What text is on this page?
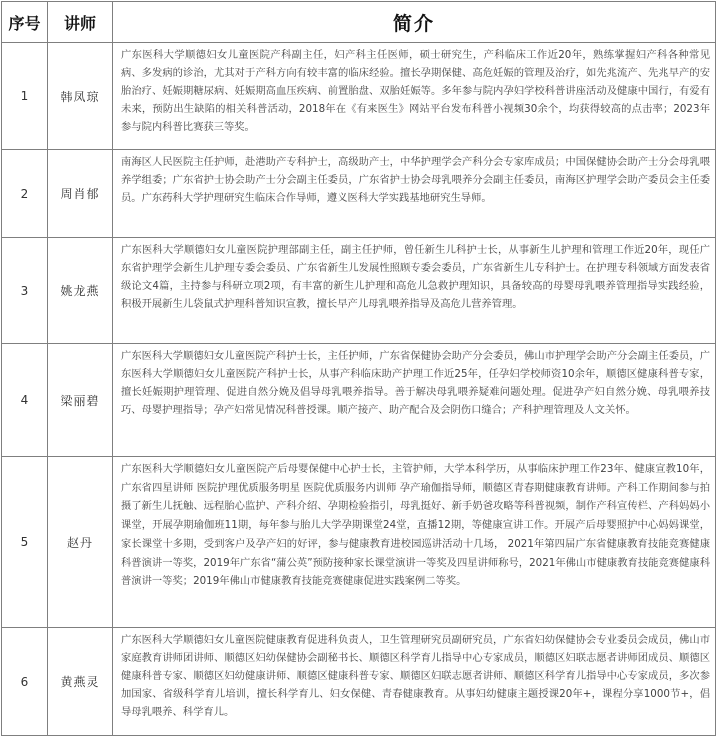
序号	讲师	简介
1	韩凤琼	广东医科大学顺德妇女儿童医院产科副主任，妇产科主任医师，硕士研究生，产科临床工作近20年，熟练掌握妇产科各种常见病、多发病的诊治，尤其对于产科方向有较丰富的临床经验。擅长孕期保健、高危妊娠的管理及治疗，如先兆流产、先兆早产的安胎治疗、妊娠期糖尿病、妊娠期高血压疾病、前置胎盘、双胎妊娠等。多年参与院内孕妇学校科普讲座活动及健康中国行，有爱有未来，预防出生缺陷的相关科普活动，2018年在《有来医生》网站平台发布科普小视频30余个，均获得较高的点击率；2023年参与院内科普比赛获三等奖。

2	周肖郁	南海区人民医院主任护师，赴港助产专科护士，高级助产士，中华护理学会产科分会专家库成员；中国保健协会助产士分会母乳喂养学组委；广东省护士协会助产士分会副主任委员，广东省护士协会母乳喂养分会副主任委员，南海区护理学会助产委员会主任委员。广东药科大学护理研究生临床合作导师，遵义医科大学实践基地研究生导师。

3	姚龙燕	广东医科大学顺德妇女儿童医院护理部副主任，副主任护师，曾任新生儿科护士长，从事新生儿护理和管理工作近20年，现任广东省护理学会新生儿护理专委会委员、广东省新生儿发展性照顾专委会委员，广东省新生儿专科护士。在护理专科领域方面发表省级论文4篇，主持参与科研立项2项，有丰富的新生儿护理和高危儿急救护理知识，具备较高的母婴母乳喂养管理指导实践经验，积极开展新生儿袋鼠式护理科普知识宣教，擅长早产儿母乳喂养指导及高危儿营养管理。

4	梁丽碧	广东医科大学顺德妇女儿童医院产科护士长，主任护师，广东省保健协会助产分会委员，佛山市护理学会助产分会副主任委员，广东医科大学顺德妇女儿童医院产科护士长，从事产科临床助产护理工作近25年，任孕妇学校师资10余年，顺德区健康科普专家，擅长妊娠期护理管理、促进自然分娩及倡导母乳喂养指导。善于解决母乳喂养疑难问题处理。促进孕产妇自然分娩、母乳喂养技巧、母婴护理指导；孕产妇常见情况科普授课。顺产接产、助产配合及会阴伤口缝合；产科护理管理及人文关怀。

5	赵丹	广东医科大学顺德妇女儿童医院产后母婴保健中心护士长，主管护师，大学本科学历，从事临床护理工作23年、健康宣教10年，广东省四星讲师 医院护理优质服务明星 医院优质服务内训师 孕产瑜伽指导师，顺德区青春期健康教育讲师。产科工作期间参与拍摄了新生儿抚触、远程胎心监护、产科介绍、孕期检验指引，母乳挺好、新手奶爸攻略等科普视频，制作产科宣传栏、产科妈妈小课堂，开展孕期瑜伽班11期，每年参与胎儿大学孕期课堂24堂，直播12期，等健康宣讲工作。开展产后母婴照护中心妈妈课堂，家长课堂十多期，受到客户及孕产妇的好评，参与健康教育进校园巡讲活动十几场， 2021年第四届广东省健康教育技能竞赛健康科普演讲一等奖，2019年广东省“蒲公英”预防接种家长课堂演讲一等奖及四星讲师称号，2021年佛山市健康教育技能竞赛健康科普演讲一等奖；2019年佛山市健康教育技能竞赛健康促进实践案例二等奖。

6	黄燕灵	广东医科大学顺德妇女儿童医院健康教育促进科负责人，卫生管理研究员副研究员，广东省妇幼保健协会专业委员会成员，佛山市家庭教育讲师团讲师、顺德区妇幼保健协会副秘书长、顺德区科学育儿指导中心专家成员，顺德区妇联志愿者讲师团成员、顺德区健康科普专家、顺德区妇幼健康讲师、顺德区健康科普专家、顺德区妇联志愿者讲师、顺德区科学育儿指导中心专家成员，多次参加国家、省级科学育儿培训，擅长科学育儿、妇女保健、青春健康教育。从事妇幼健康主题授课20年+，课程分享1000节+，倡导母乳喂养、科学育儿。
